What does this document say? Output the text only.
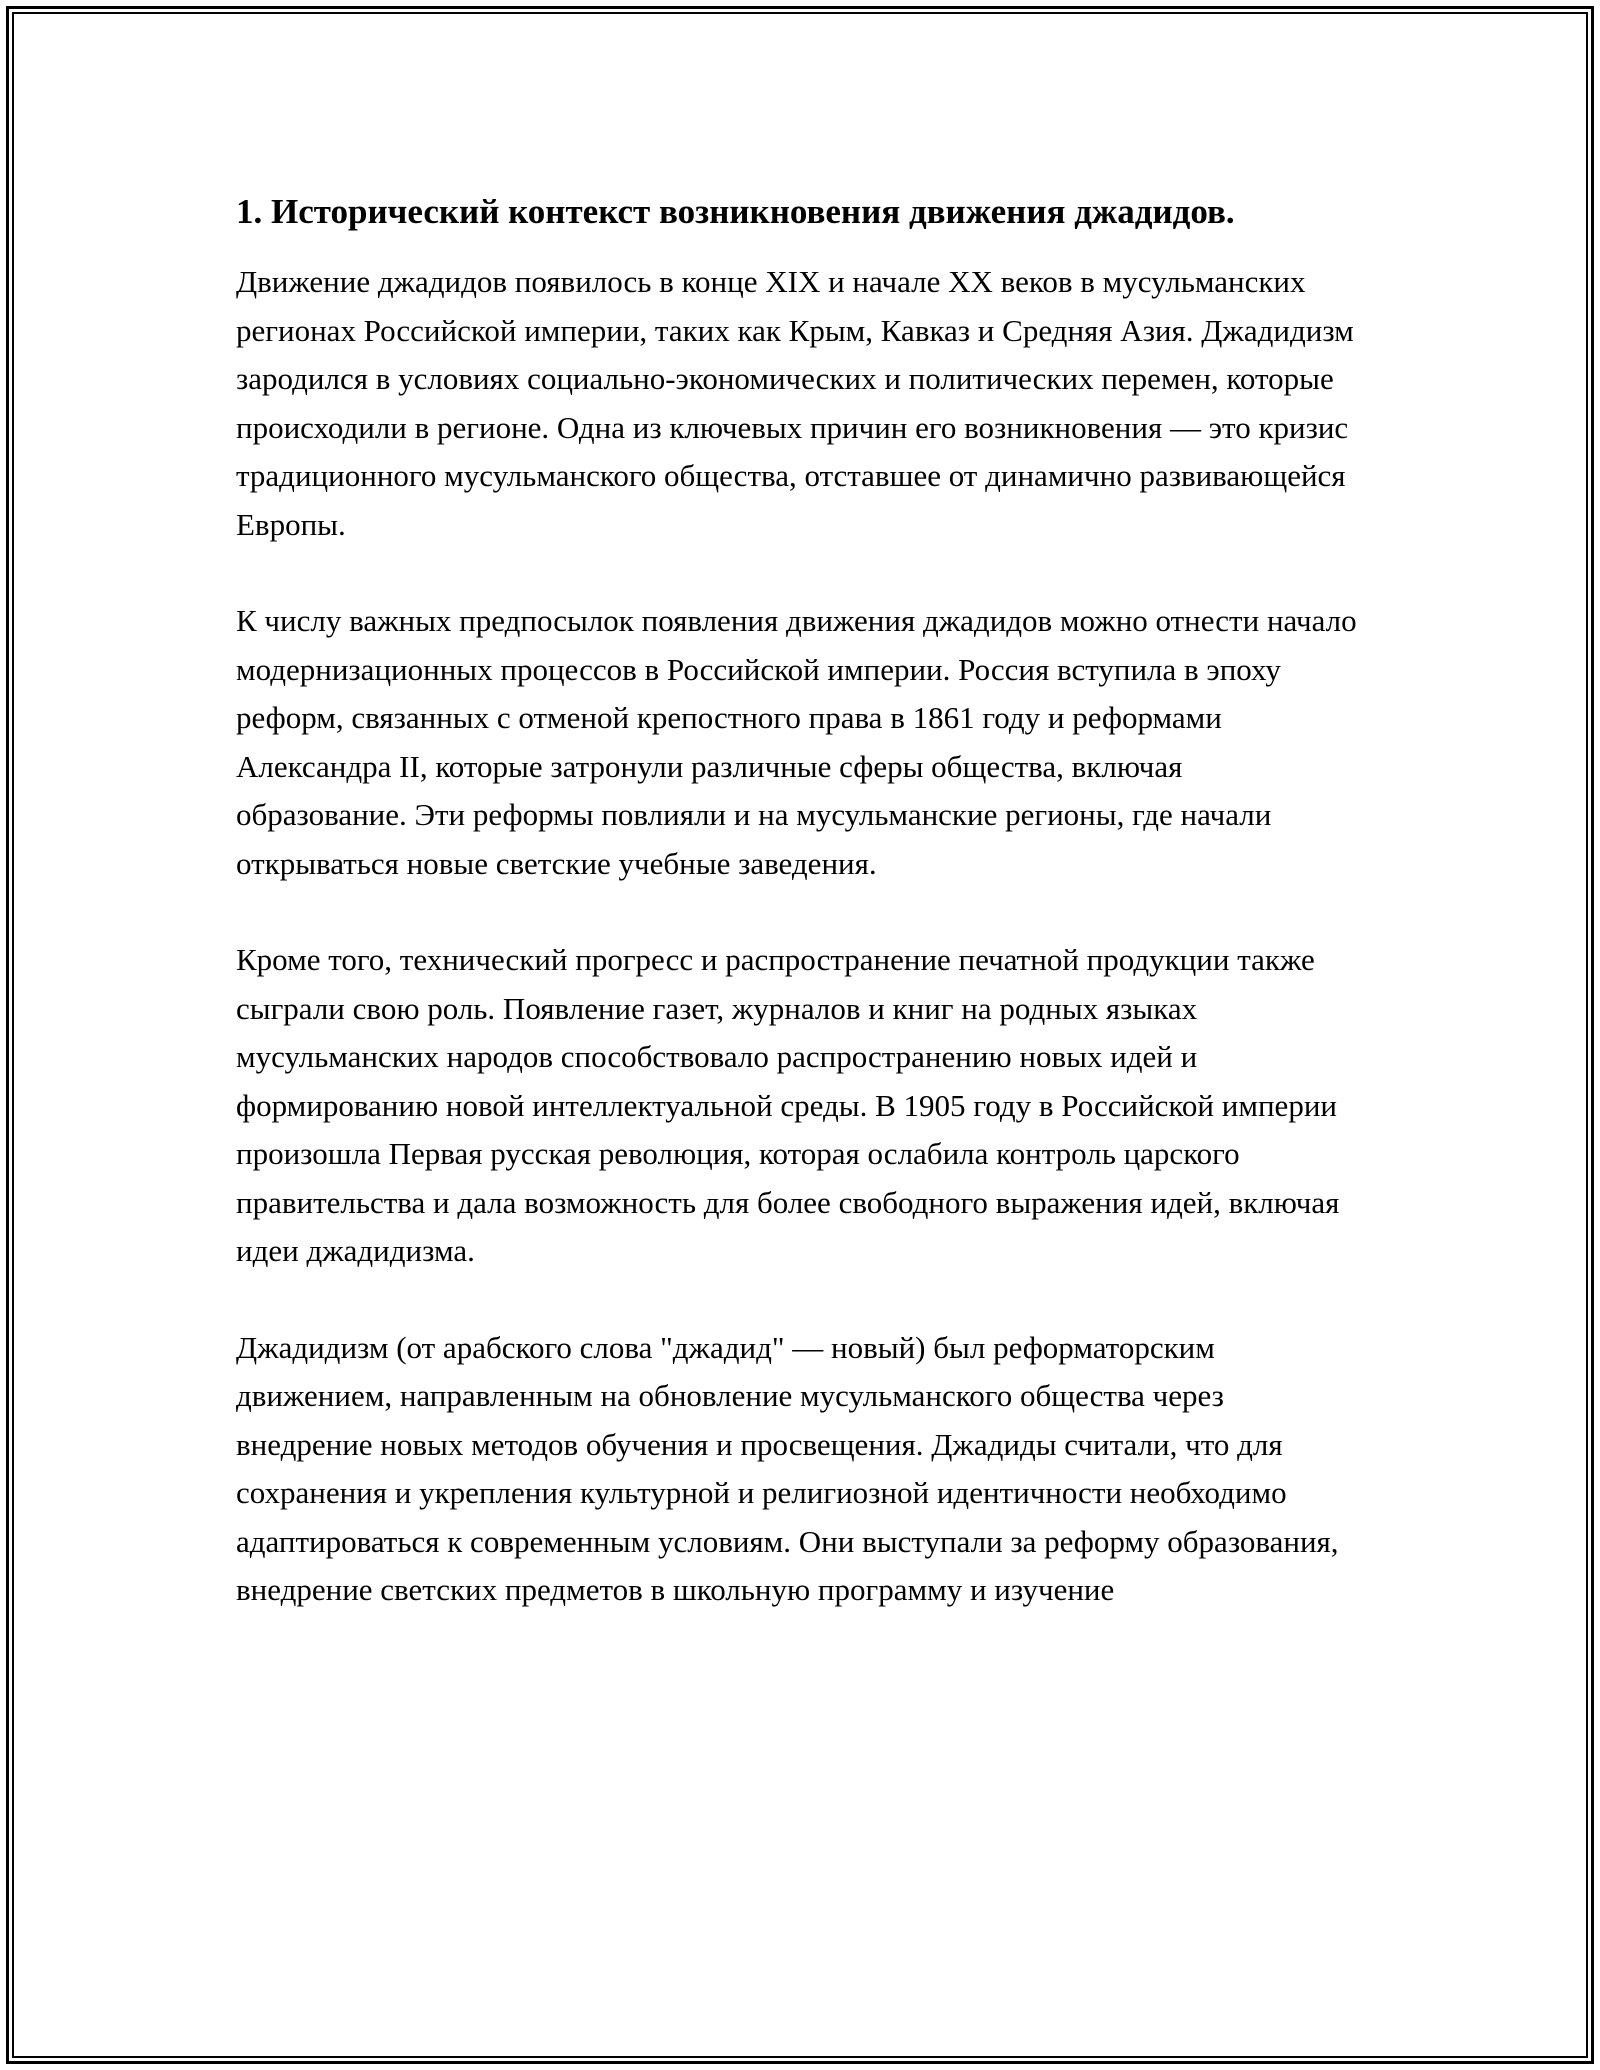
1. Исторический контекст возникновения движения джадидов.

Движение джадидов появилось в конце XIX и начале XX веков в мусульманских регионах Российской империи, таких как Крым, Кавказ и Средняя Азия. Джадидизм зародился в условиях социально-экономических и политических перемен, которые происходили в регионе. Одна из ключевых причин его возникновения — это кризис традиционного мусульманского общества, отставшее от динамично развивающейся Европы.

К числу важных предпосылок появления движения джадидов можно отнести начало модернизационных процессов в Российской империи. Россия вступила в эпоху реформ, связанных с отменой крепостного права в 1861 году и реформами Александра II, которые затронули различные сферы общества, включая образование. Эти реформы повлияли и на мусульманские регионы, где начали открываться новые светские учебные заведения.

Кроме того, технический прогресс и распространение печатной продукции также сыграли свою роль. Появление газет, журналов и книг на родных языках мусульманских народов способствовало распространению новых идей и формированию новой интеллектуальной среды. В 1905 году в Российской империи произошла Первая русская революция, которая ослабила контроль царского правительства и дала возможность для более свободного выражения идей, включая идеи джадидизма.

Джадидизм (от арабского слова "джадид" — новый) был реформаторским движением, направленным на обновление мусульманского общества через внедрение новых методов обучения и просвещения. Джадиды считали, что для сохранения и укрепления культурной и религиозной идентичности необходимо адаптироваться к современным условиям. Они выступали за реформу образования, внедрение светских предметов в школьную программу и изучение
